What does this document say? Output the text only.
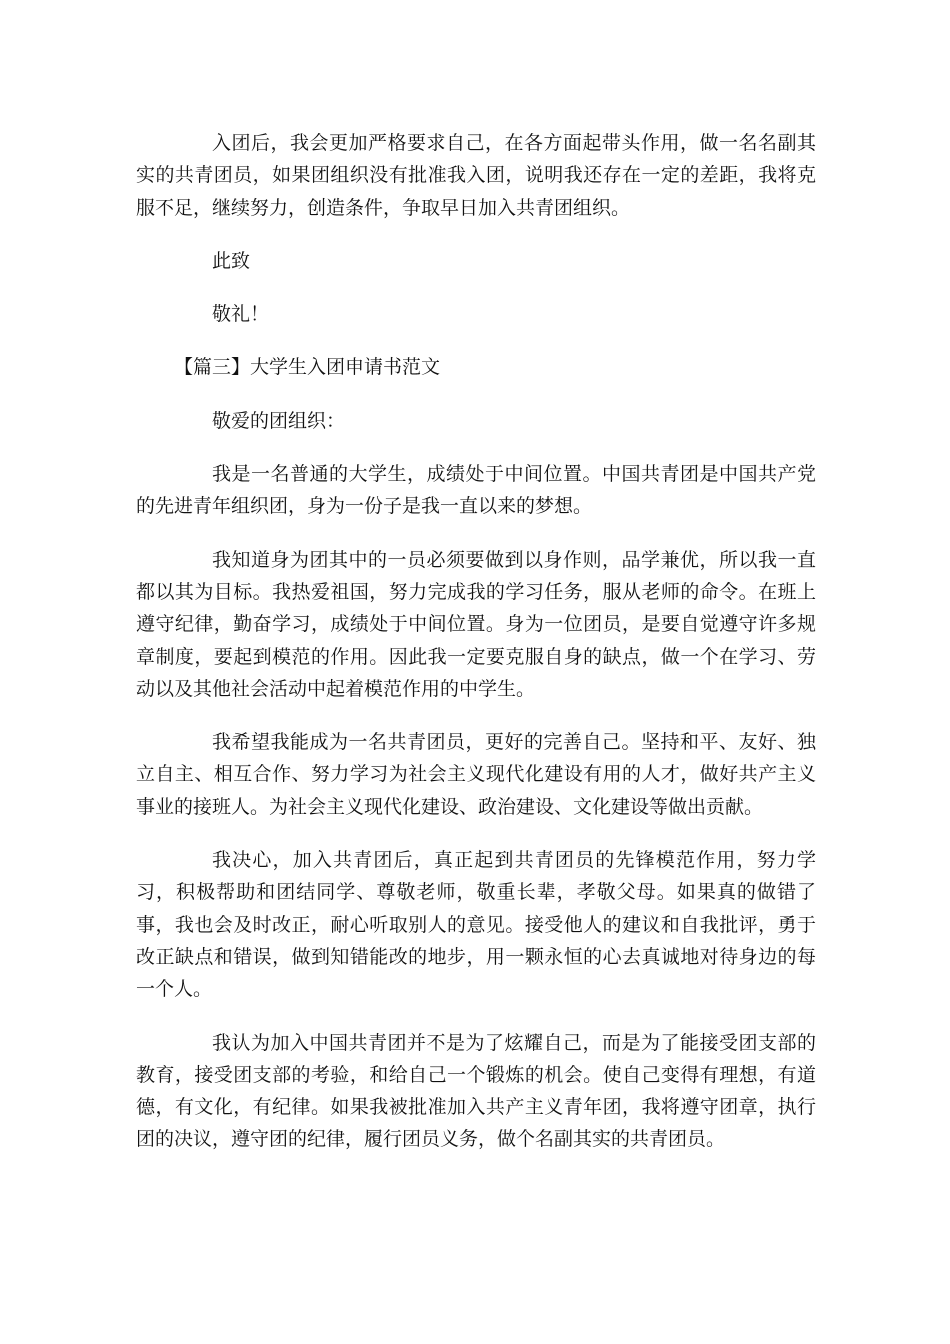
入团后，我会更加严格要求自己，在各方面起带头作用，做一名名副其实的共青团员，如果团组织没有批准我入团，说明我还存在一定的差距，我将克服不足，继续努力，创造条件，争取早日加入共青团组织。

此致

敬礼！

【篇三】大学生入团申请书范文

敬爱的团组织：

我是一名普通的大学生，成绩处于中间位置。中国共青团是中国共产党的先进青年组织团，身为一份子是我一直以来的梦想。

我知道身为团其中的一员必须要做到以身作则，品学兼优，所以我一直都以其为目标。我热爱祖国，努力完成我的学习任务，服从老师的命令。在班上遵守纪律，勤奋学习，成绩处于中间位置。身为一位团员，是要自觉遵守许多规章制度，要起到模范的作用。因此我一定要克服自身的缺点，做一个在学习、劳动以及其他社会活动中起着模范作用的中学生。

我希望我能成为一名共青团员，更好的完善自己。坚持和平、友好、独立自主、相互合作、努力学习为社会主义现代化建设有用的人才，做好共产主义事业的接班人。为社会主义现代化建设、政治建设、文化建设等做出贡献。

我决心，加入共青团后，真正起到共青团员的先锋模范作用，努力学习，积极帮助和团结同学、尊敬老师，敬重长辈，孝敬父母。如果真的做错了事，我也会及时改正，耐心听取别人的意见。接受他人的建议和自我批评，勇于改正缺点和错误，做到知错能改的地步，用一颗永恒的心去真诚地对待身边的每一个人。

我认为加入中国共青团并不是为了炫耀自己，而是为了能接受团支部的教育，接受团支部的考验，和给自己一个锻炼的机会。使自己变得有理想，有道德，有文化，有纪律。如果我被批准加入共产主义青年团，我将遵守团章，执行团的决议，遵守团的纪律，履行团员义务，做个名副其实的共青团员。
